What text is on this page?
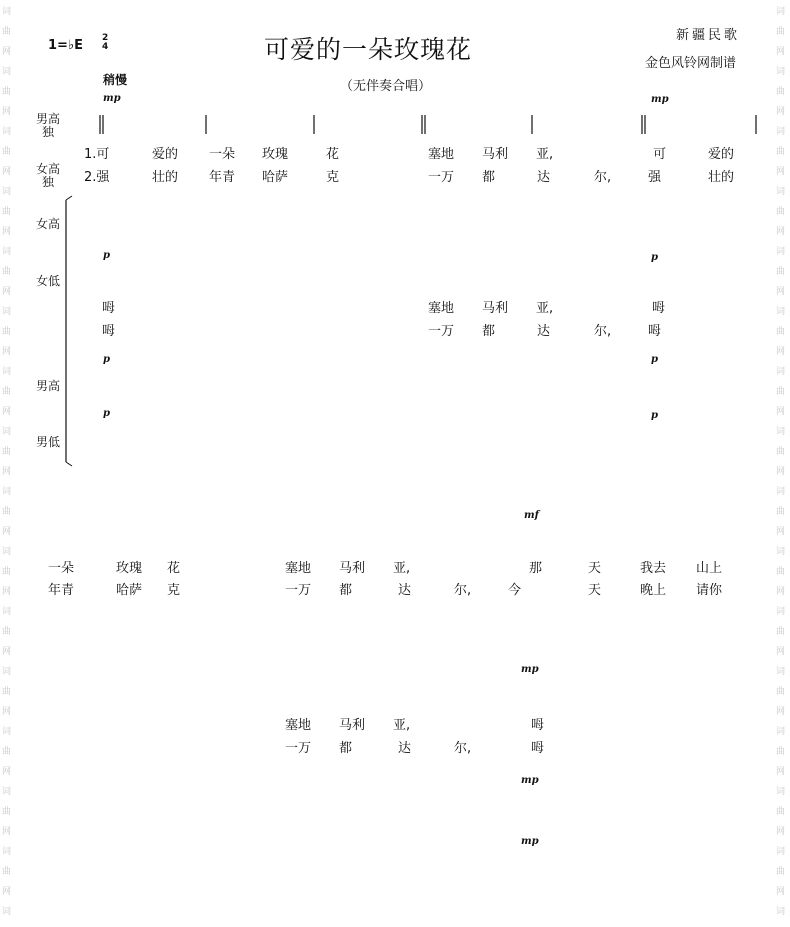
词
曲
网
词
曲
网
词
曲
网
词
曲
网
词
曲
网
词
曲
网
词
曲
网
词
曲
网
词
曲
网
词
曲
网
词
曲
网
词
曲
网
词
曲
网
词
曲
网
词
曲
网
词
词
曲
网
词
曲
网
词
曲
网
词
曲
网
词
曲
网
词
曲
网
词
曲
网
词
曲
网
词
曲
网
词
曲
网
词
曲
网
词
曲
网
词
曲
网
词
曲
网
词
曲
网
词
1=♭E 2
4	可爱的一朵玫瑰花	新疆民歌
金色风铃网制谱
（无伴奏合唱）
稍慢
男高独
女高独
女高
女低
男高
男低
mp	mp
p	p
p	p
p	p
mf
mp
mp
mp
1.可	爱的 一朵 玫瑰	花	塞地 马利 亚,	可	爱的
2.强	壮的 年青 哈萨	克	一万 都	达	尔,	强	壮的
呣	塞地 马利 亚,	呣
呣	一万 都	达	尔,	呣
一朵	玫瑰 花	塞地 马利 亚,	那	天	我去 山上
年青	哈萨 克	一万 都	达	尔,	今	天	晚上 请你
塞地 马利 亚,	呣
一万 都	达	尔,	呣
